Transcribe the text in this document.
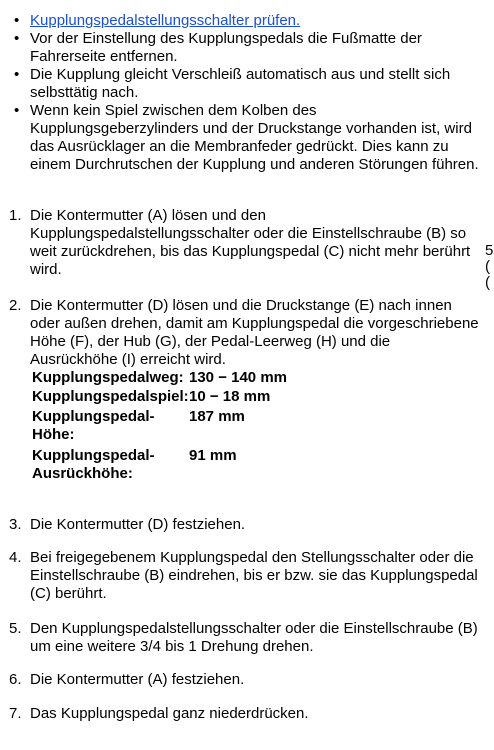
• Kupplungspedalstellungsschalter prüfen.
• Vor der Einstellung des Kupplungspedals die Fußmatte der Fahrerseite entfernen.
• Die Kupplung gleicht Verschleiß automatisch aus und stellt sich selbsttätig nach.
• Wenn kein Spiel zwischen dem Kolben des Kupplungsgeberzylinders und der Druckstange vorhanden ist, wird das Ausrücklager an die Membranfeder gedrückt. Dies kann zu einem Durchrutschen der Kupplung und anderen Störungen führen.
1. Die Kontermutter (A) lösen und den Kupplungspedalstellungsschalter oder die Einstellschraube (B) so weit zurückdrehen, bis das Kupplungspedal (C) nicht mehr berührt wird.
2. Die Kontermutter (D) lösen und die Druckstange (E) nach innen oder außen drehen, damit am Kupplungspedal die vorgeschriebene Höhe (F), der Hub (G), der Pedal-Leerweg (H) und die Ausrückhöhe (I) erreicht wird.
Kupplungspedalweg: 130 − 140 mm
Kupplungspedalspiel: 10 − 18 mm
Kupplungspedal-Höhe:
187 mm
Kupplungspedal-Ausrückhöhe:
91 mm
3. Die Kontermutter (D) festziehen.
4. Bei freigegebenem Kupplungspedal den Stellungsschalter oder die Einstellschraube (B) eindrehen, bis er bzw. sie das Kupplungspedal (C) berührt.
5. Den Kupplungspedalstellungsschalter oder die Einstellschraube (B) um eine weitere 3/4 bis 1 Drehung drehen.
6. Die Kontermutter (A) festziehen.
7. Das Kupplungspedal ganz niederdrücken.
5
(
(
